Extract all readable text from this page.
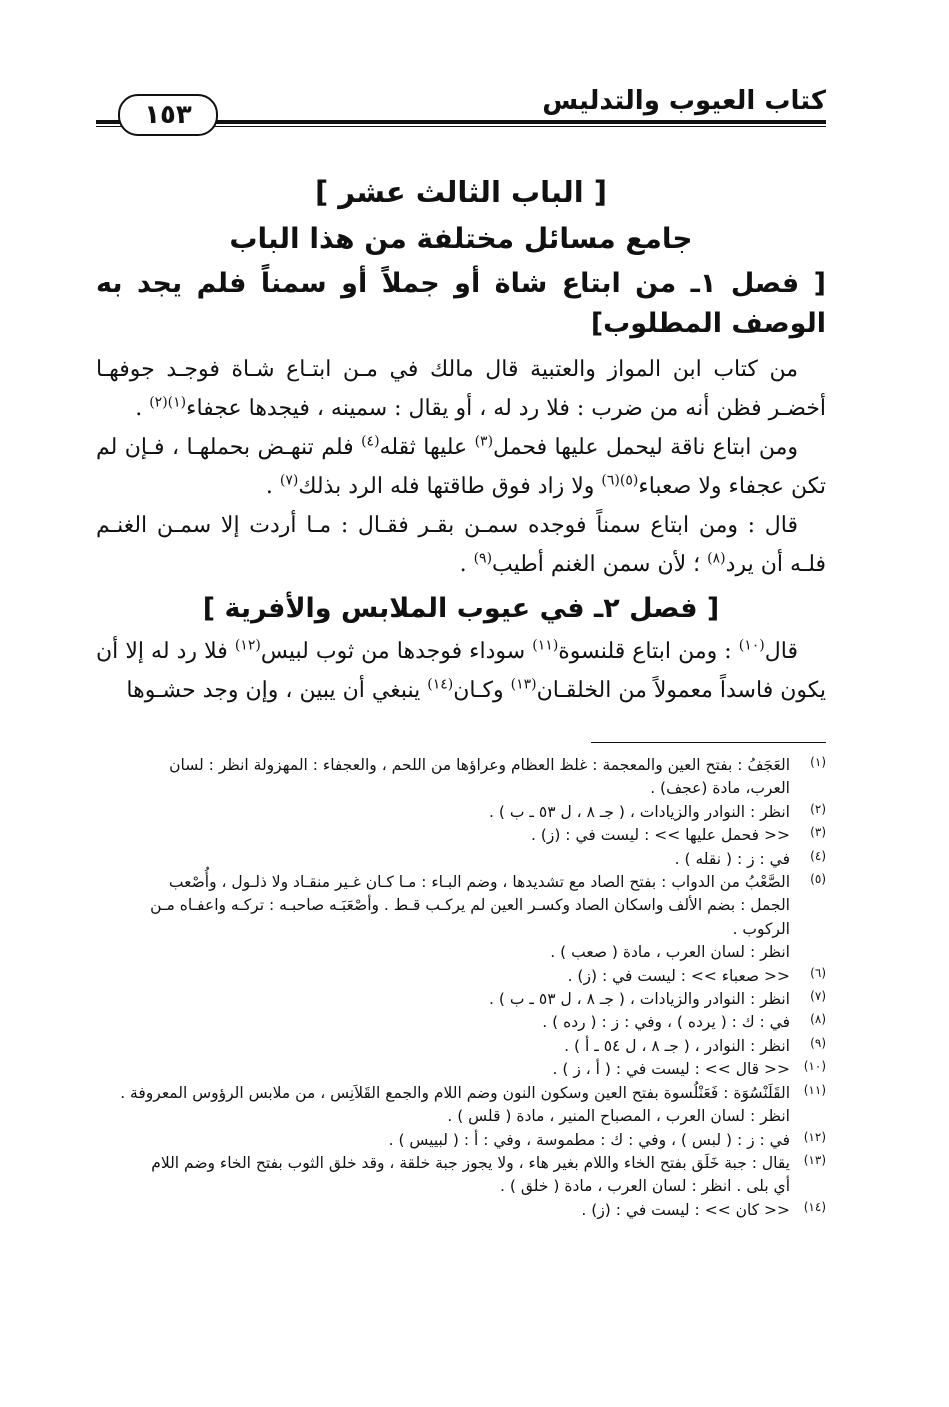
كتاب العيوب والتدليس
١٥٣

[ الباب الثالث عشر ]

جامع مسائل مختلفة من هذا الباب

[ فصل ١ـ من ابتاع شاة أو جملاً أو سمناً فلم يجد به الوصف المطلوب]

من كتاب ابن المواز والعتبية قال مالك في مـن ابتـاع شـاة فوجـد جوفهـا أخضـر فظن أنه من ضرب : فلا رد له ، أو يقال : سمينه ، فيجدها عجفاء$^{(١)(٢)}$ .

ومن ابتاع ناقة ليحمل عليها فحمل$^{(٣)}$ عليها ثقله$^{(٤)}$ فلم تنهـض بحملهـا ، فـإن لم تكن عجفاء ولا صعباء$^{(٥)(٦)}$ ولا زاد فوق طاقتها فله الرد بذلك$^{(٧)}$ .

قال : ومن ابتاع سمناً فوجده سمـن بقـر فقـال : مـا أردت إلا سمـن الغنـم فلـه أن يرد$^{(٨)}$ ؛ لأن سمن الغنم أطيب$^{(٩)}$ .

[ فصل ٢ـ في عيوب الملابس والأفرية ]

قال$^{(١٠)}$ : ومن ابتاع قلنسوة$^{(١١)}$ سوداء فوجدها من ثوب لبيس$^{(١٢)}$ فلا رد له إلا أن يكون فاسداً معمولاً من الخلقـان$^{(١٣)}$ وكـان$^{(١٤)}$ ينبغي أن يبين ، وإن وجد حشـوها

(١)
العَجَفُ : بفتح العين والمعجمة : غلظ العظام وعراؤها من اللحم ، والعجفاء : المهزولة انظر : لسان
العرب، مادة (عجف) .
(٢)
انظر : النوادر والزيادات ، ( جـ ٨ ، ل ٥٣ ـ ب ) .
(٣)
<< فحمل عليها >> : ليست في : (ز) .
(٤)
في : ز : ( نقله ) .
(٥)
الصَّعْبُ من الدواب : بفتح الصاد مع تشديدها ، وضم البـاء : مـا كـان غـير منقـاد ولا ذلـول ، وأُصْعب
الجمل : بضم الألف واسكان الصاد وكسـر العين لم يركـب قـط . وأصْعَبَـه صاحبـه : تركـه واعفـاه مـن
الركوب .
انظر : لسان العرب ، مادة ( صعب ) .
(٦)
<< صعباء >> : ليست في : (ز) .
(٧)
انظر : النوادر والزيادات ، ( جـ ٨ ، ل ٥٣ ـ ب ) .
(٨)
في : ك : ( يرده ) ، وفي : ز : ( رده ) .
(٩)
انظر : النوادر ، ( جـ ٨ ، ل ٥٤ ـ أ ) .
(١٠)
<< قال >> : ليست في : ( أ ، ز ) .
(١١)
القَلَنْسُوَة : فَعَنْلُسوة بفتح العين وسكون النون وضم اللام والجمع القَلاَنِس ، من ملابس الرؤوس المعروفة .
انظر : لسان العرب ، المصباح المنير ، مادة ( قلس ) .
(١٢)
في : ز : ( لبس ) ، وفي : ك : مطموسة ، وفي : أ : ( لبييس ) .
(١٣)
يقال : جبة خَلَق بفتح الخاء واللام بغير هاء ، ولا يجوز جبة خلقة ، وقد خلق الثوب بفتح الخاء وضم اللام
أي بلى . انظر : لسان العرب ، مادة ( خلق ) .
(١٤)
<< كان >> : ليست في : (ز) .
